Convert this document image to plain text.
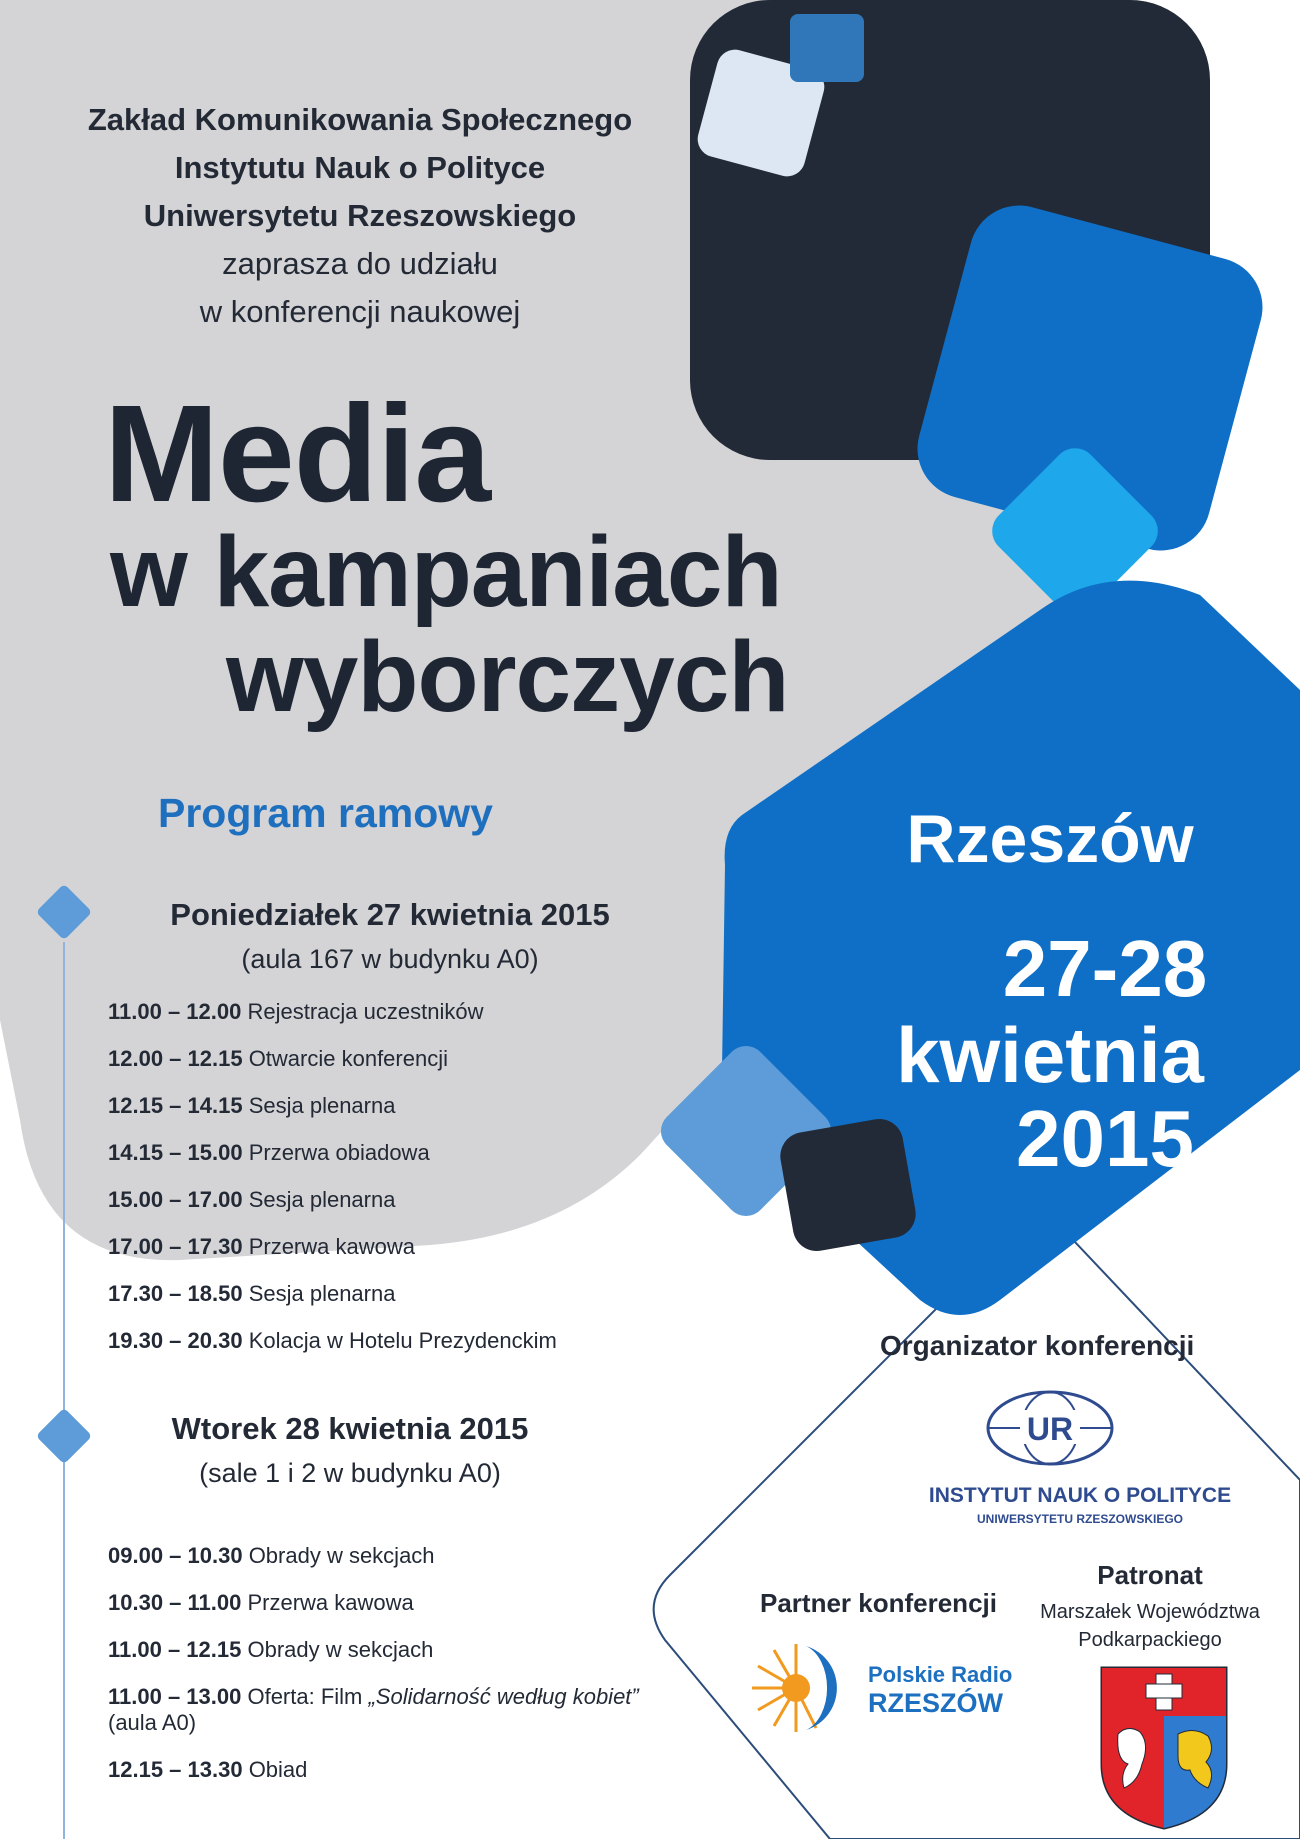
Zakład Komunikowania Społecznego
Instytutu Nauk o Polityce
Uniwersytetu Rzeszowskiego
zaprasza do udziału
w konferencji naukowej
Media
w kampaniach
wyborczych
Program ramowy
Poniedziałek 27 kwietnia 2015
(aula 167 w budynku A0)
11.00 – 12.00 Rejestracja uczestników
12.00 – 12.15 Otwarcie konferencji
12.15 – 14.15 Sesja plenarna
14.15 – 15.00 Przerwa obiadowa
15.00 – 17.00 Sesja plenarna
17.00 – 17.30 Przerwa kawowa
17.30 – 18.50 Sesja plenarna
19.30 – 20.30 Kolacja w Hotelu Prezydenckim
Wtorek 28 kwietnia 2015
(sale 1 i 2 w budynku A0)
09.00 – 10.30 Obrady w sekcjach
10.30 – 11.00 Przerwa kawowa
11.00 – 12.15 Obrady w sekcjach
11.00 – 13.00 Oferta: Film „Solidarność według kobiet”
(aula A0)
12.15 – 13.30 Obiad
Rzeszów
27-28
kwietnia
2015
Organizator konferencji
UR
INSTYTUT NAUK O POLITYCE
UNIWERSYTETU RZESZOWSKIEGO
Partner konferencji
Polskie Radio
RZESZÓW
Patronat
Marszałek Województwa
Podkarpackiego
